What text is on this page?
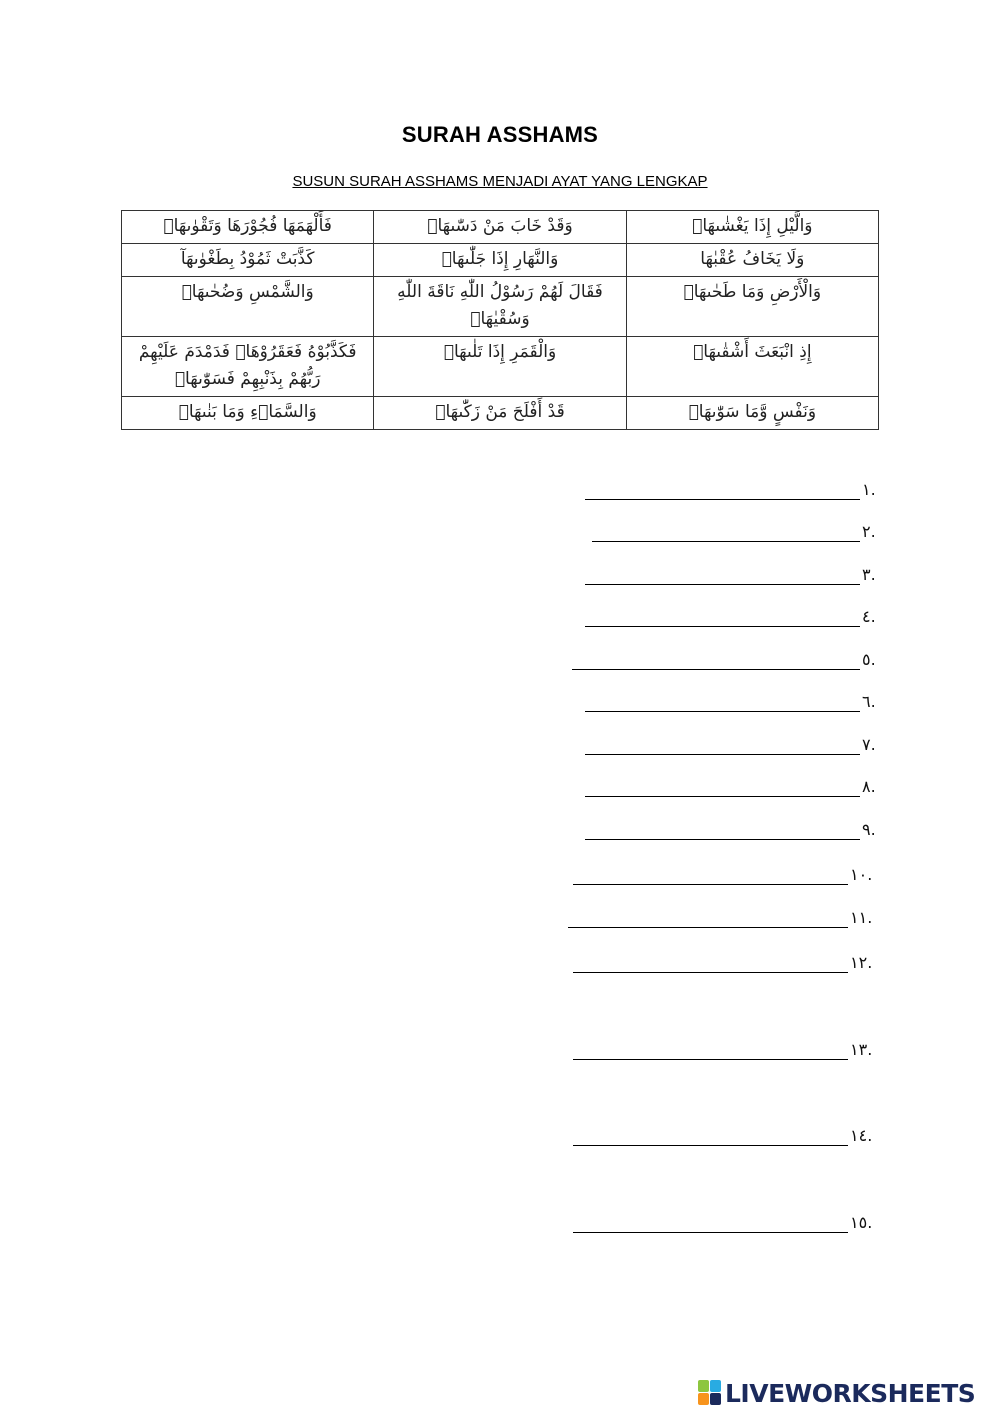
SURAH ASSHAMS
SUSUN SURAH ASSHAMS MENJADI AYAT YANG LENGKAP
فَأَلْهَمَهَا فُجُوْرَهَا وَتَقْوٰىهَاۖ	وَقَدْ خَابَ مَنْ دَسّٰىهَاۗ	وَالَّيْلِ إِذَا يَغْشٰىهَاۖ
كَذَّبَتْ ثَمُوْدُ بِطَغْوٰىهَآ	وَالنَّهَارِ إِذَا جَلّٰىهَاۖ	وَلَا يَخَافُ عُقْبٰهَا
وَالشَّمْسِ وَضُحٰىهَاۖ	فَقَالَ لَهُمْ رَسُوْلُ اللّٰهِ نَاقَةَ اللّٰهِ وَسُقْيٰهَاۗ	وَالْأَرْضِ وَمَا طَحٰىهَاۖ
فَكَذَّبُوْهُ فَعَقَرُوْهَاۖ فَدَمْدَمَ عَلَيْهِمْ رَبُّهُمْ بِذَنْبِهِمْ فَسَوّٰىهَاۖ	وَالْقَمَرِ إِذَا تَلٰىهَاۖ	إِذِ انْبَعَثَ أَشْقٰىهَاۖ
وَالسَّمَاۤءِ وَمَا بَنٰىهَاۖ	قَدْ أَفْلَحَ مَنْ زَكّٰىهَاۖ	وَنَفْسٍ وَّمَا سَوّٰىهَاۖ
١.
٢.
٣.
٤.
٥.
٦.
٧.
٨.
٩.
١٠.
١١.
١٢.
١٣.
١٤.
١٥.
LIVEWORKSHEETS
